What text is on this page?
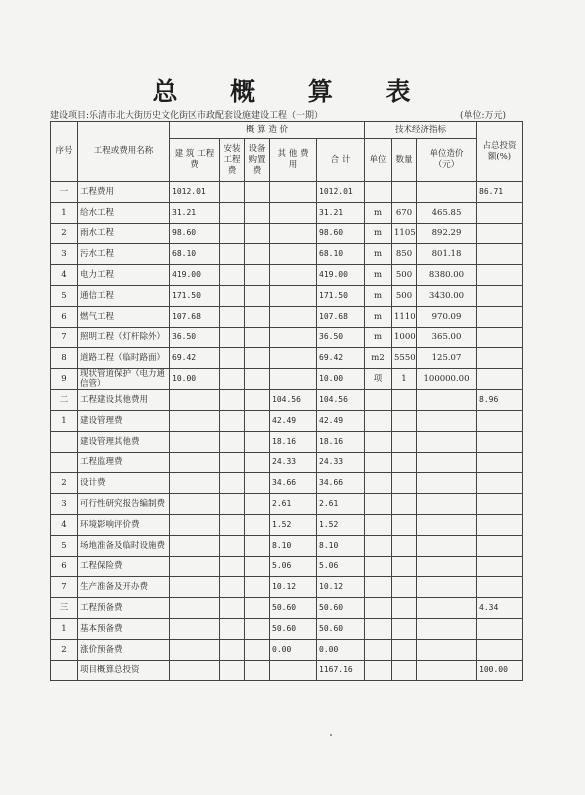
总 概 算 表
建设项目:乐清市北大街历史文化街区市政配套设施建设工程（一期）	(单位:万元)
序号	工程或费用名称	概 算 造 价					技术经济指标			占总投资额(%)
		建 筑 工程费	安装工程费	设备购置费	其 他 费 用	合 计	单位	数量	单位造价（元）	
一	工程费用	1012.01				1012.01				86.71
1	给水工程	31.21				31.21	m	670	465.85	
2	雨水工程	98.60				98.60	m	1105	892.29	
3	污水工程	68.10				68.10	m	850	801.18	
4	电力工程	419.00				419.00	m	500	8380.00	
5	通信工程	171.50				171.50	m	500	3430.00	
6	燃气工程	107.68				107.68	m	1110	970.09	
7	照明工程（灯杆除外）	36.50				36.50	m	1000	365.00	
8	道路工程（临时路面）	69.42				69.42	m2	5550	125.07	
9	现状管道保护（电力通信管）	10.00				10.00	项	1	100000.00	
二	工程建设其他费用				104.56	104.56				8.96
1	建设管理费				42.49	42.49				
	建设管理其他费				18.16	18.16				
	工程监理费				24.33	24.33				
2	设计费				34.66	34.66				
3	可行性研究报告编制费				2.61	2.61				
4	环境影响评价费				1.52	1.52				
5	场地准备及临时设施费				8.10	8.10				
6	工程保险费				5.06	5.06				
7	生产准备及开办费				10.12	10.12				
三	工程预备费				50.60	50.60				4.34
1	基本预备费				50.60	50.60				
2	涨价预备费				0.00	0.00				
	项目概算总投资					1167.16				100.00
